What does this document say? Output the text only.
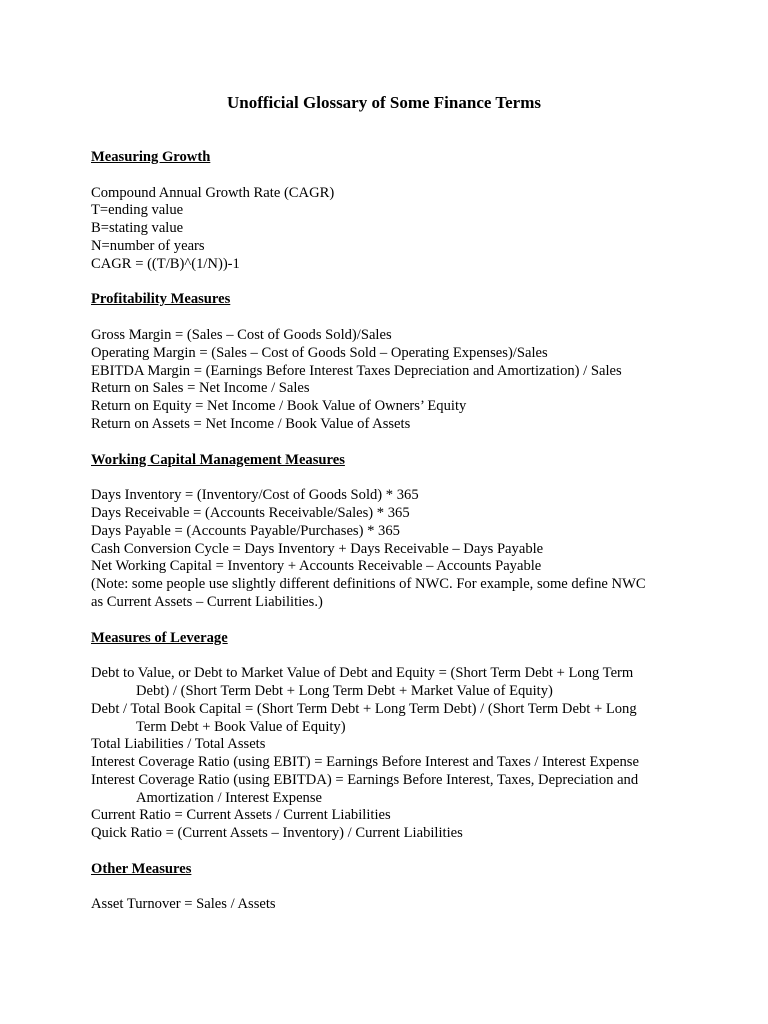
Unofficial Glossary of Some Finance Terms
Measuring Growth
Compound Annual Growth Rate (CAGR)
T=ending value
B=stating value
N=number of years
CAGR = ((T/B)^(1/N))-1
Profitability Measures
Gross Margin = (Sales – Cost of Goods Sold)/Sales
Operating Margin = (Sales – Cost of Goods Sold – Operating Expenses)/Sales
EBITDA Margin = (Earnings Before Interest Taxes Depreciation and Amortization) / Sales
Return on Sales = Net Income / Sales
Return on Equity = Net Income / Book Value of Owners’ Equity
Return on Assets = Net Income / Book Value of Assets
Working Capital Management Measures
Days Inventory = (Inventory/Cost of Goods Sold) * 365
Days Receivable = (Accounts Receivable/Sales) * 365
Days Payable = (Accounts Payable/Purchases) * 365
Cash Conversion Cycle = Days Inventory + Days Receivable – Days Payable
Net Working Capital = Inventory + Accounts Receivable – Accounts Payable
(Note: some people use slightly different definitions of NWC. For example, some define NWC
as Current Assets – Current Liabilities.)
Measures of Leverage
Debt to Value, or Debt to Market Value of Debt and Equity = (Short Term Debt + Long Term
Debt) / (Short Term Debt + Long Term Debt + Market Value of Equity)
Debt / Total Book Capital = (Short Term Debt + Long Term Debt) / (Short Term Debt + Long
Term Debt + Book Value of Equity)
Total Liabilities / Total Assets
Interest Coverage Ratio (using EBIT) = Earnings Before Interest and Taxes / Interest Expense
Interest Coverage Ratio (using EBITDA) = Earnings Before Interest, Taxes, Depreciation and
Amortization / Interest Expense
Current Ratio = Current Assets / Current Liabilities
Quick Ratio = (Current Assets – Inventory) / Current Liabilities
Other Measures
Asset Turnover = Sales / Assets
